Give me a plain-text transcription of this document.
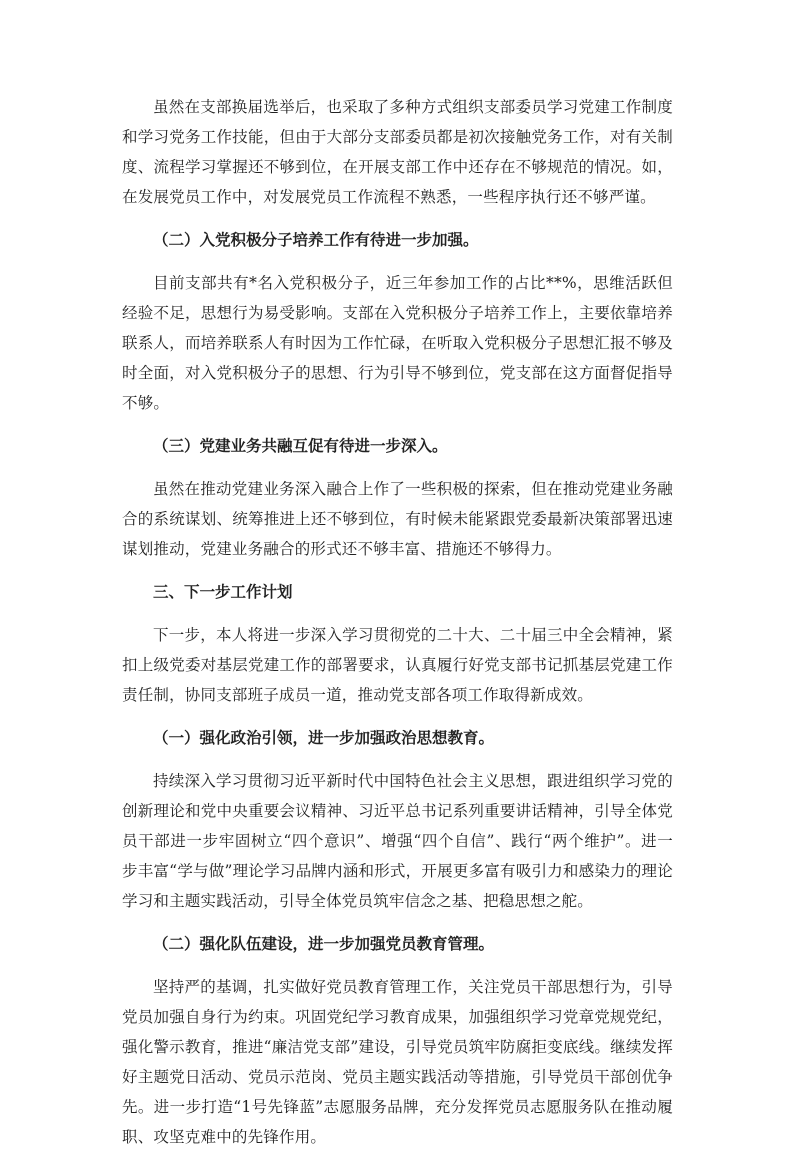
虽然在支部换届选举后，也采取了多种方式组织支部委员学习党建工作制度和学习党务工作技能，但由于大部分支部委员都是初次接触党务工作，对有关制度、流程学习掌握还不够到位，在开展支部工作中还存在不够规范的情况。如，在发展党员工作中，对发展党员工作流程不熟悉，一些程序执行还不够严谨。

（二）入党积极分子培养工作有待进一步加强。

目前支部共有*名入党积极分子，近三年参加工作的占比**%，思维活跃但经验不足，思想行为易受影响。支部在入党积极分子培养工作上，主要依靠培养联系人，而培养联系人有时因为工作忙碌，在听取入党积极分子思想汇报不够及时全面，对入党积极分子的思想、行为引导不够到位，党支部在这方面督促指导不够。

（三）党建业务共融互促有待进一步深入。

虽然在推动党建业务深入融合上作了一些积极的探索，但在推动党建业务融合的系统谋划、统筹推进上还不够到位，有时候未能紧跟党委最新决策部署迅速谋划推动，党建业务融合的形式还不够丰富、措施还不够得力。

三、下一步工作计划

下一步，本人将进一步深入学习贯彻党的二十大、二十届三中全会精神，紧扣上级党委对基层党建工作的部署要求，认真履行好党支部书记抓基层党建工作责任制，协同支部班子成员一道，推动党支部各项工作取得新成效。

（一）强化政治引领，进一步加强政治思想教育。

持续深入学习贯彻习近平新时代中国特色社会主义思想，跟进组织学习党的创新理论和党中央重要会议精神、习近平总书记系列重要讲话精神，引导全体党员干部进一步牢固树立“四个意识”、增强“四个自信”、践行“两个维护”。进一步丰富“学与做”理论学习品牌内涵和形式，开展更多富有吸引力和感染力的理论学习和主题实践活动，引导全体党员筑牢信念之基、把稳思想之舵。

（二）强化队伍建设，进一步加强党员教育管理。

坚持严的基调，扎实做好党员教育管理工作，关注党员干部思想行为，引导党员加强自身行为约束。巩固党纪学习教育成果，加强组织学习党章党规党纪，强化警示教育，推进“廉洁党支部”建设，引导党员筑牢防腐拒变底线。继续发挥好主题党日活动、党员示范岗、党员主题实践活动等措施，引导党员干部创优争先。进一步打造“1号先锋蓝”志愿服务品牌，充分发挥党员志愿服务队在推动履职、攻坚克难中的先锋作用。
